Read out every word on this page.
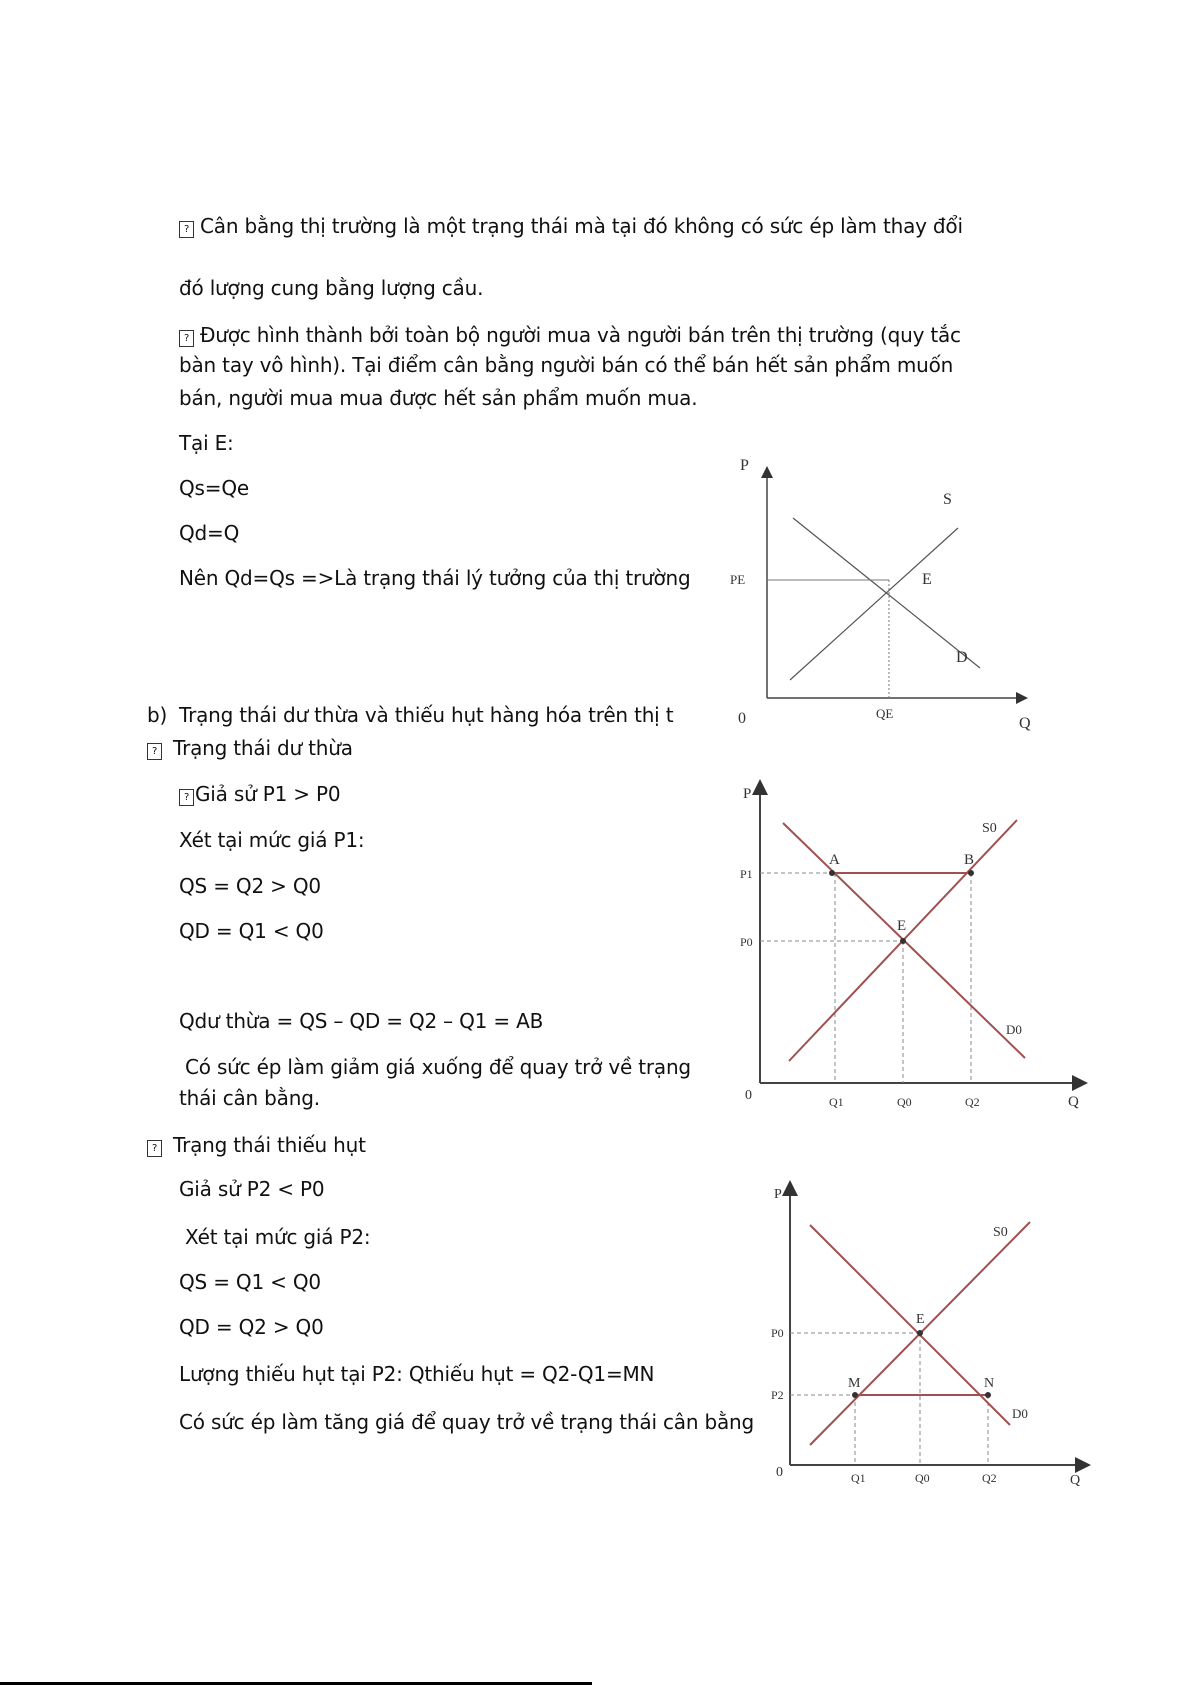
? Cân bằng thị trường là một trạng thái mà tại đó không có sức ép làm thay đổi
đó lượng cung bằng lượng cầu.
? Được hình thành bởi toàn bộ người mua và người bán trên thị trường (quy tắc
bàn tay vô hình). Tại điểm cân bằng người bán có thể bán hết sản phẩm muốn
bán, người mua mua được hết sản phẩm muốn mua.
Tại E:
Qs=Qe
Qd=Q
Nên Qd=Qs =>Là trạng thái lý tưởng của thị trường
b) Trạng thái dư thừa và thiếu hụt hàng hóa trên thị t
? Trạng thái dư thừa
? Giả sử P1 > P0
Xét tại mức giá P1:
QS = Q2 > Q0
QD = Q1 < Q0
Qdư thừa = QS – QD = Q2 – Q1 = AB
Có sức ép làm giảm giá xuống để quay trở về trạng
thái cân bằng.
? Trạng thái thiếu hụt
Giả sử P2 < P0
Xét tại mức giá P2:
QS = Q1 < Q0
QD = Q2 > Q0
Lượng thiếu hụt tại P2: Qthiếu hụt = Q2-Q1=MN
Có sức ép làm tăng giá để quay trở về trạng thái cân bằng
P
S
PE	E
D
0	QE
Q
P
S0
P1
P0
A	B
E
D0
0	Q1	Q0	Q2	Q
P
S0
P0
P2
E
M	N
D0
0	Q1	Q0	Q2	Q
